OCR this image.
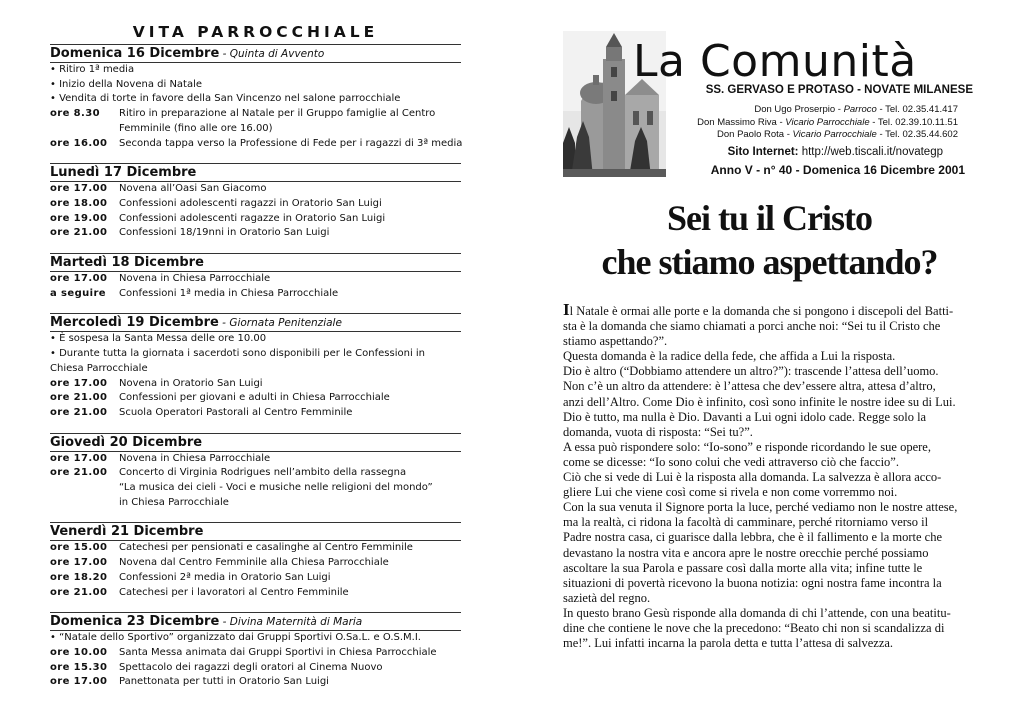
VITA PARROCCHIALE
Domenica 16 Dicembre - Quinta di Avvento
• Ritiro 1ª media
• Inizio della Novena di Natale
• Vendita di torte in favore della San Vincenzo nel salone parrocchiale
ore 8.30	Ritiro in preparazione al Natale per il Gruppo famiglie al Centro
Femminile (fino alle ore 16.00)
ore 16.00	Seconda tappa verso la Professione di Fede per i ragazzi di 3ª media
Lunedì 17 Dicembre
ore 17.00	Novena all’Oasi San Giacomo
ore 18.00	Confessioni adolescenti ragazzi in Oratorio San Luigi
ore 19.00	Confessioni adolescenti ragazze in Oratorio San Luigi
ore 21.00	Confessioni 18/19nni in Oratorio San Luigi
Martedì 18 Dicembre
ore 17.00	Novena in Chiesa Parrocchiale
a seguire	Confessioni 1ª media in Chiesa Parrocchiale
Mercoledì 19 Dicembre - Giornata Penitenziale
• È sospesa la Santa Messa delle ore 10.00
• Durante tutta la giornata i sacerdoti sono disponibili per le Confessioni in
Chiesa Parrocchiale
ore 17.00	Novena in Oratorio San Luigi
ore 21.00	Confessioni per giovani e adulti in Chiesa Parrocchiale
ore 21.00	Scuola Operatori Pastorali al Centro Femminile
Giovedì 20 Dicembre
ore 17.00	Novena in Chiesa Parrocchiale
ore 21.00	Concerto di Virginia Rodrigues nell’ambito della rassegna
“La musica dei cieli - Voci e musiche nelle religioni del mondo”
in Chiesa Parrocchiale
Venerdì 21 Dicembre
ore 15.00	Catechesi per pensionati e casalinghe al Centro Femminile
ore 17.00	Novena dal Centro Femminile alla Chiesa Parrocchiale
ore 18.20	Confessioni 2ª media in Oratorio San Luigi
ore 21.00	Catechesi per i lavoratori al Centro Femminile
Domenica 23 Dicembre - Divina Maternità di Maria
• “Natale dello Sportivo” organizzato dai Gruppi Sportivi O.Sa.L. e O.S.M.I.
ore 10.00	Santa Messa animata dai Gruppi Sportivi in Chiesa Parrocchiale
ore 15.30	Spettacolo dei ragazzi degli oratori al Cinema Nuovo
ore 17.00	Panettonata per tutti in Oratorio San Luigi
La Comunità
SS. GERVASO E PROTASO - NOVATE MILANESE
Don Ugo Proserpio - Parroco - Tel. 02.35.41.417
Don Massimo Riva - Vicario Parrocchiale - Tel. 02.39.10.11.51
Don Paolo Rota - Vicario Parrocchiale - Tel. 02.35.44.602
Sito Internet: http://web.tiscali.it/novategp
Anno V - n° 40 - Domenica 16 Dicembre 2001
Sei tu il Cristo
che stiamo aspettando?

Il Natale è ormai alle porte e la domanda che si pongono i discepoli del Batti-

sta è la domanda che siamo chiamati a porci anche noi: “Sei tu il Cristo che

stiamo aspettando?”.

Questa domanda è la radice della fede, che affida a Lui la risposta.

Dio è altro (“Dobbiamo attendere un altro?”): trascende l’attesa dell’uomo.

Non c’è un altro da attendere: è l’attesa che dev’essere altra, attesa d’altro,

anzi dell’Altro. Come Dio è infinito, così sono infinite le nostre idee su di Lui.

Dio è tutto, ma nulla è Dio. Davanti a Lui ogni idolo cade. Regge solo la

domanda, vuota di risposta: “Sei tu?”.

A essa può rispondere solo: “Io-sono” e risponde ricordando le sue opere,

come se dicesse: “Io sono colui che vedi attraverso ciò che faccio”.

Ciò che si vede di Lui è la risposta alla domanda. La salvezza è allora acco-

gliere Lui che viene così come si rivela e non come vorremmo noi.

Con la sua venuta il Signore porta la luce, perché vediamo non le nostre attese,

ma la realtà, ci ridona la facoltà di camminare, perché ritorniamo verso il

Padre nostra casa, ci guarisce dalla lebbra, che è il fallimento e la morte che

devastano la nostra vita e ancora apre le nostre orecchie perché possiamo

ascoltare la sua Parola e passare così dalla morte alla vita; infine tutte le

situazioni di povertà ricevono la buona notizia: ogni nostra fame incontra la

sazietà del regno.

In questo brano Gesù risponde alla domanda di chi l’attende, con una beatitu-

dine che contiene le nove che la precedono: “Beato chi non si scandalizza di

me!”. Lui infatti incarna la parola detta e tutta l’attesa di salvezza.
